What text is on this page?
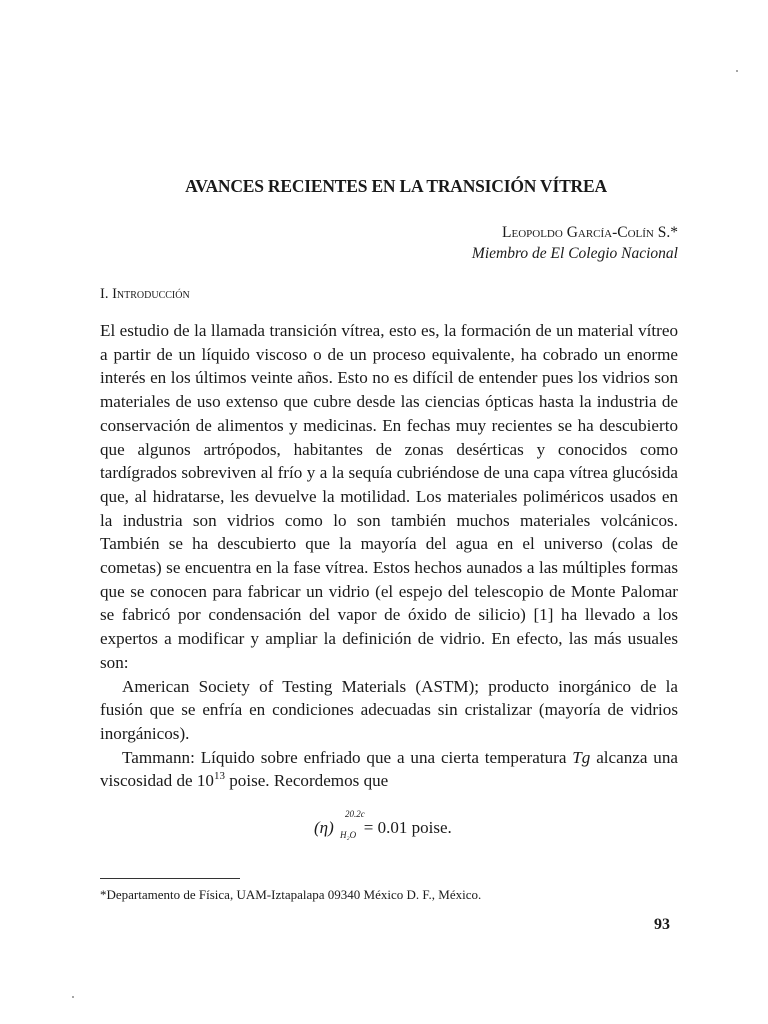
AVANCES RECIENTES EN LA TRANSICIÓN VÍTREA
Leopoldo García-Colín S.*
Miembro de El Colegio Nacional
I. Introducción

El estudio de la llamada transición vítrea, esto es, la formación de un material vítreo a partir de un líquido viscoso o de un proceso equivalente, ha cobrado un enorme interés en los últimos veinte años. Esto no es difícil de entender pues los vidrios son materiales de uso extenso que cubre desde las ciencias ópticas hasta la industria de conservación de alimentos y medicinas. En fechas muy recientes se ha descubierto que algunos artrópodos, habitantes de zonas desérticas y conocidos como tardígrados sobreviven al frío y a la sequía cubriéndose de una capa vítrea glucósida que, al hidratarse, les devuelve la motilidad. Los materiales poliméricos usados en la industria son vidrios como lo son también muchos materiales volcánicos. También se ha descubierto que la mayoría del agua en el universo (colas de cometas) se encuentra en la fase vítrea. Estos hechos aunados a las múltiples formas que se conocen para fabricar un vidrio (el espejo del telescopio de Monte Palomar se fabricó por condensación del vapor de óxido de silicio) [1] ha llevado a los expertos a modificar y ampliar la definición de vidrio. En efecto, las más usuales son:

American Society of Testing Materials (ASTM); producto inorgánico de la fusión que se enfría en condiciones adecuadas sin cristalizar (mayoría de vidrios inorgánicos).

Tammann: Líquido sobre enfriado que a una cierta temperatura Tg alcanza una viscosidad de $10^{13}$ poise. Recordemos que

(η)
20.2c
H₂O = 0.01 poise.
*Departamento de Física, UAM-Iztapalapa 09340 México D. F., México.
93
